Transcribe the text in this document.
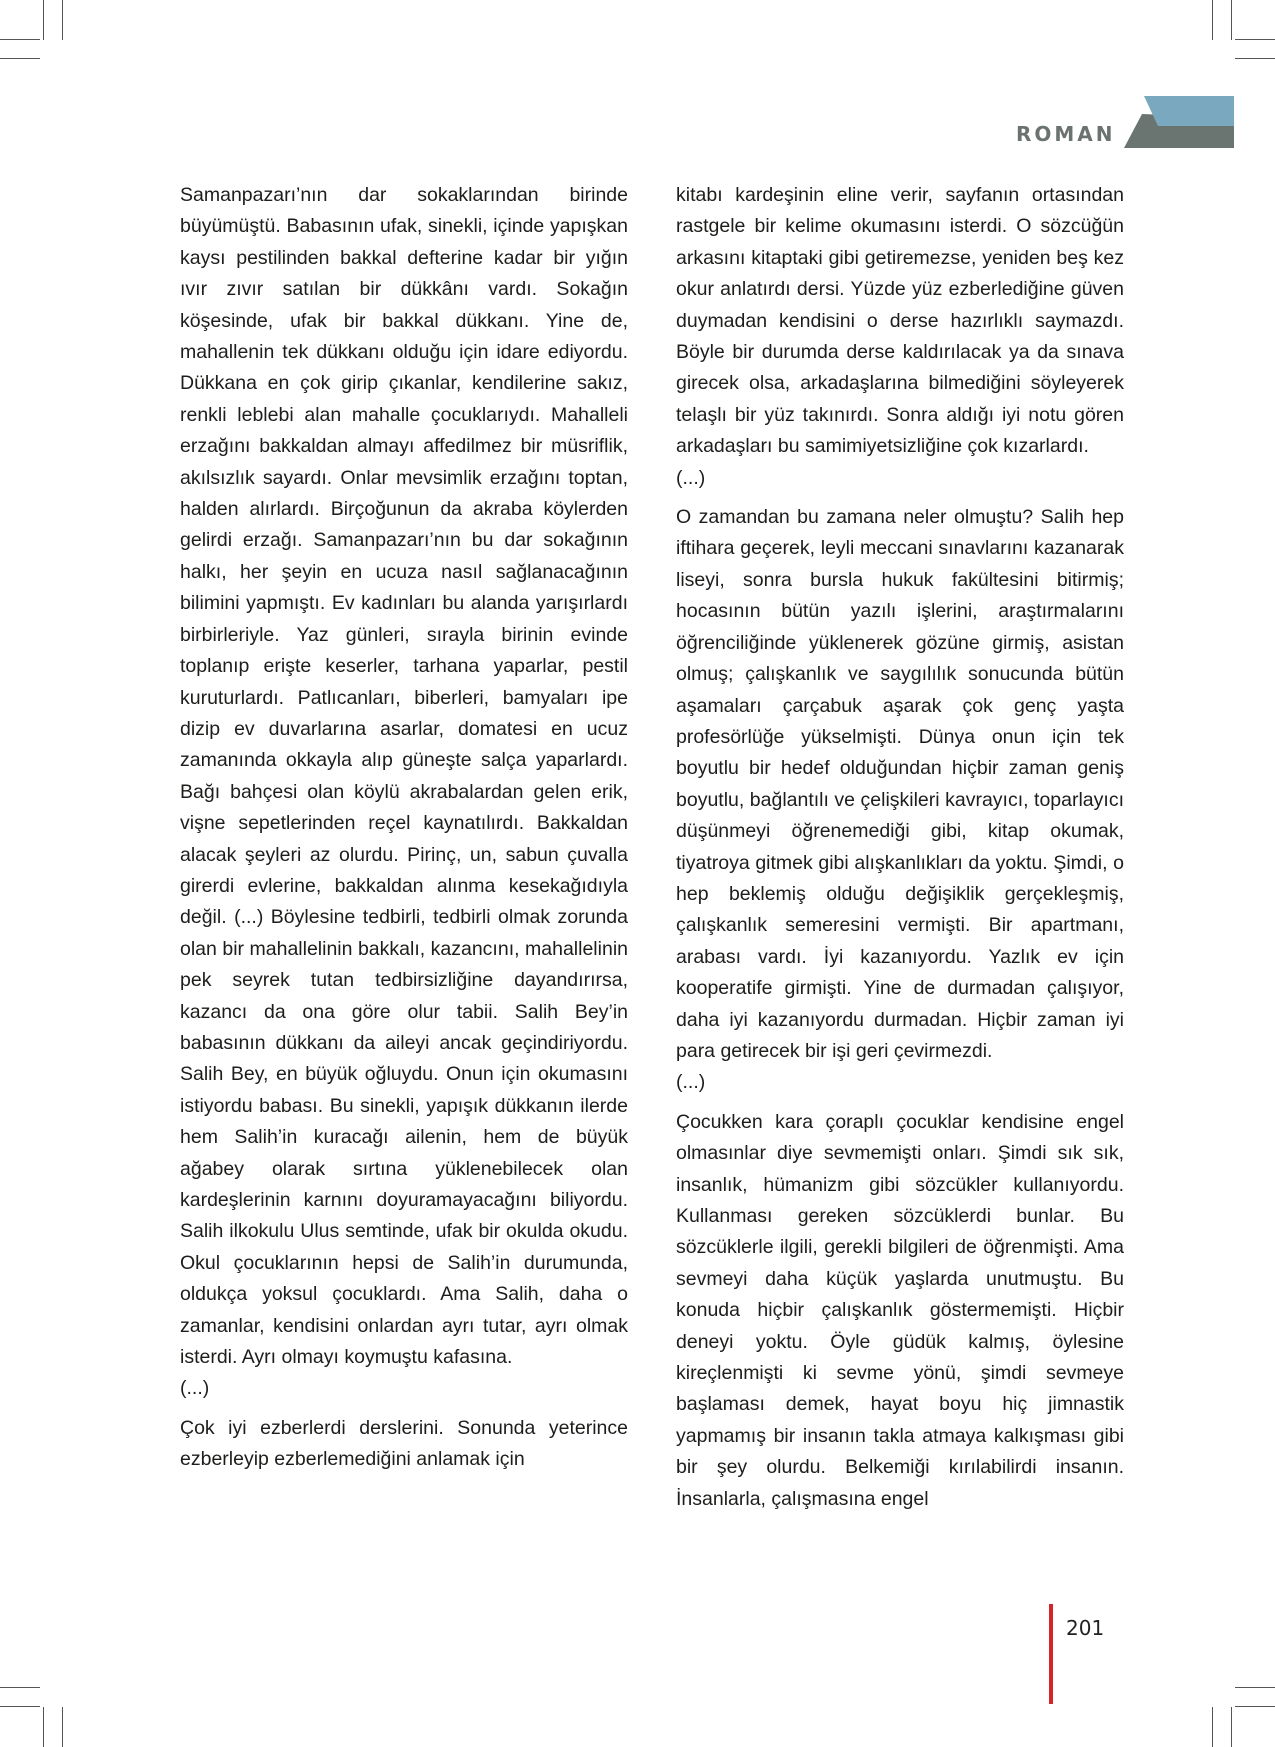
ROMAN

Samanpazarı’nın dar sokaklarından birinde büyümüştü. Babasının ufak, sinekli, içinde yapışkan kaysı pestilinden bakkal defterine kadar bir yığın ıvır zıvır satılan bir dükkânı vardı. Sokağın köşesinde, ufak bir bakkal dükkanı. Yine de, mahallenin tek dükkanı olduğu için idare ediyordu. Dükkana en çok girip çıkanlar, kendilerine sakız, renkli leblebi alan mahalle çocuklarıydı. Mahalleli erzağını bakkaldan almayı affedilmez bir müsriflik, akılsızlık sayardı. Onlar mevsimlik erzağını toptan, halden alırlardı. Birçoğunun da akraba köylerden gelirdi erzağı. Samanpazarı’nın bu dar sokağının halkı, her şeyin en ucuza nasıl sağlanacağının bilimini yapmıştı. Ev kadınları bu alanda yarışırlardı birbirleriyle. Yaz günleri, sırayla birinin evinde toplanıp erişte keserler, tarhana yaparlar, pestil kuruturlardı. Patlıcanları, biberleri, bamyaları ipe dizip ev duvarlarına asarlar, domatesi en ucuz zamanında okkayla alıp güneşte salça yaparlardı. Bağı bahçesi olan köylü akrabalardan gelen erik, vişne sepetlerinden reçel kaynatılırdı. Bakkaldan alacak şeyleri az olurdu. Pirinç, un, sabun çuvalla girerdi evlerine, bakkaldan alınma kesekağıdıyla değil. (...) Böylesine tedbirli, tedbirli olmak zorunda olan bir mahallelinin bakkalı, kazancını, mahallelinin pek seyrek tutan tedbirsizliğine dayandırırsa, kazancı da ona göre olur tabii. Salih Bey’in babasının dükkanı da aileyi ancak geçindiriyordu. Salih Bey, en büyük oğluydu. Onun için okumasını istiyordu babası. Bu sinekli, yapışık dükkanın ilerde hem Salih’in kuracağı ailenin, hem de büyük ağabey olarak sırtına yüklenebilecek olan kardeşlerinin karnını doyuramayacağını biliyordu. Salih ilkokulu Ulus semtinde, ufak bir okulda okudu. Okul çocuklarının hepsi de Salih’in durumunda, oldukça yoksul çocuklardı. Ama Salih, daha o zamanlar, kendisini onlardan ayrı tutar, ayrı olmak isterdi. Ayrı olmayı koymuştu kafasına.

(...)

Çok iyi ezberlerdi derslerini. Sonunda yeterince ezberleyip ezberlemediğini anlamak için

kitabı kardeşinin eline verir, sayfanın ortasından rastgele bir kelime okumasını isterdi. O sözcüğün arkasını kitaptaki gibi getiremezse, yeniden beş kez okur anlatırdı dersi. Yüzde yüz ezberlediğine güven duymadan kendisini o derse hazırlıklı saymazdı. Böyle bir durumda derse kaldırılacak ya da sınava girecek olsa, arkadaşlarına bilmediğini söyleyerek telaşlı bir yüz takınırdı. Sonra aldığı iyi notu gören arkadaşları bu samimiyetsizliğine çok kızarlardı.

(...)

O zamandan bu zamana neler olmuştu? Salih hep iftihara geçerek, leyli meccani sınavlarını kazanarak liseyi, sonra bursla hukuk fakültesini bitirmiş; hocasının bütün yazılı işlerini, araştırmalarını öğrenciliğinde yüklenerek gözüne girmiş, asistan olmuş; çalışkanlık ve saygılılık sonucunda bütün aşamaları çarçabuk aşarak çok genç yaşta profesörlüğe yükselmişti. Dünya onun için tek boyutlu bir hedef olduğundan hiçbir zaman geniş boyutlu, bağlantılı ve çelişkileri kavrayıcı, toparlayıcı düşünmeyi öğrenemediği gibi, kitap okumak, tiyatroya gitmek gibi alışkanlıkları da yoktu. Şimdi, o hep beklemiş olduğu değişiklik gerçekleşmiş, çalışkanlık semeresini vermişti. Bir apartmanı, arabası vardı. İyi kazanıyordu. Yazlık ev için kooperatife girmişti. Yine de durmadan çalışıyor, daha iyi kazanıyordu durmadan. Hiçbir zaman iyi para getirecek bir işi geri çevirmezdi.

(...)

Çocukken kara çoraplı çocuklar kendisine engel olmasınlar diye sevmemişti onları. Şimdi sık sık, insanlık, hümanizm gibi sözcükler kullanıyordu. Kullanması gereken sözcüklerdi bunlar. Bu sözcüklerle ilgili, gerekli bilgileri de öğrenmişti. Ama sevmeyi daha küçük yaşlarda unutmuştu. Bu konuda hiçbir çalışkanlık göstermemişti. Hiçbir deneyi yoktu. Öyle güdük kalmış, öylesine kireçlenmişti ki sevme yönü, şimdi sevmeye başlaması demek, hayat boyu hiç jimnastik yapmamış bir insanın takla atmaya kalkışması gibi bir şey olurdu. Belkemiği kırılabilirdi insanın. İnsanlarla, çalışmasına engel

201
